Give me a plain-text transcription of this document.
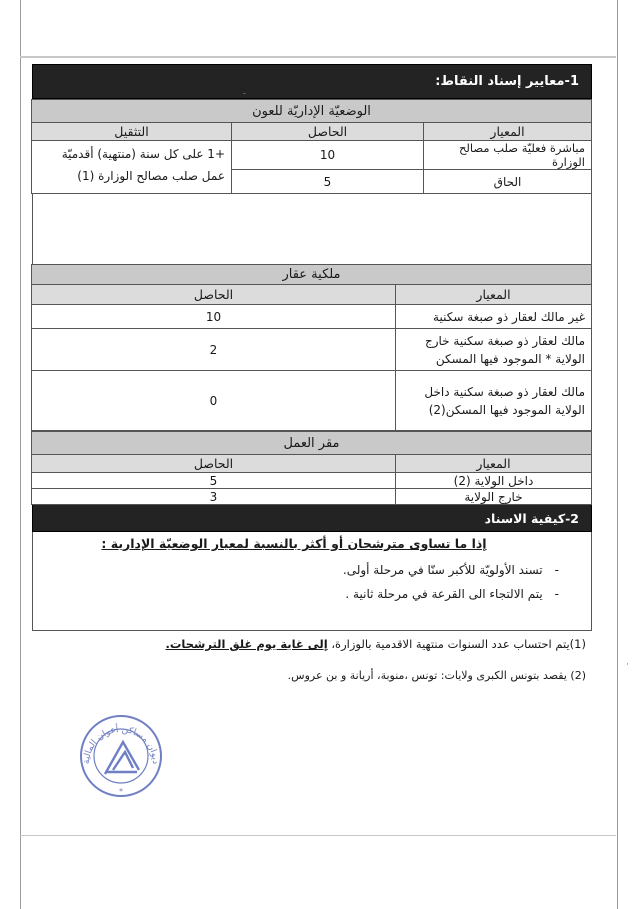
1-معايير إسناد النقاط:
الوضعيّة الإداريّة للعون		
المعيار	الحاصل	التثقيل
مباشرة فعليّة صلب مصالح الوزارة	10	+1 على كل سنة (منتهية) أقدميّة
عمل صلب مصالح الوزارة (1)

الحاق	5	
ملكية عقار	
المعيار	الحاصل
غير مالك لعقار ذو صبغة سكنية	10

مالك لعقار ذو صبغة سكنية خارج
الولاية * الموجود فيها المسكن	2

مالك لعقار ذو صبغة سكنية داخل
الولاية الموجود فيها المسكن(2)	0
مقر العمل	
المعيار	الحاصل
داخل الولاية (2)	5
خارج الولاية	3
2-كيفية الاسناد
إذا ما تساوى مترشحان أو أكثر بالنسبة لمعيار الوضعيّة الإدارية :
- تسند الأولويّة للأكبر سنّا في مرحلة أولى.
- يتم الالتجاء الى القرعة في مرحلة ثانية .
(1)يتم احتساب عدد السنوات منتهية الاقدمية بالوزارة، إلى غاية يوم غلق الترشحات.
(2) يقصد بتونس الكبرى ولايات: تونس ،منوبة، أريانة و بن عروس.
ديوان مساكن أعوان المالية
*
ـ
·
